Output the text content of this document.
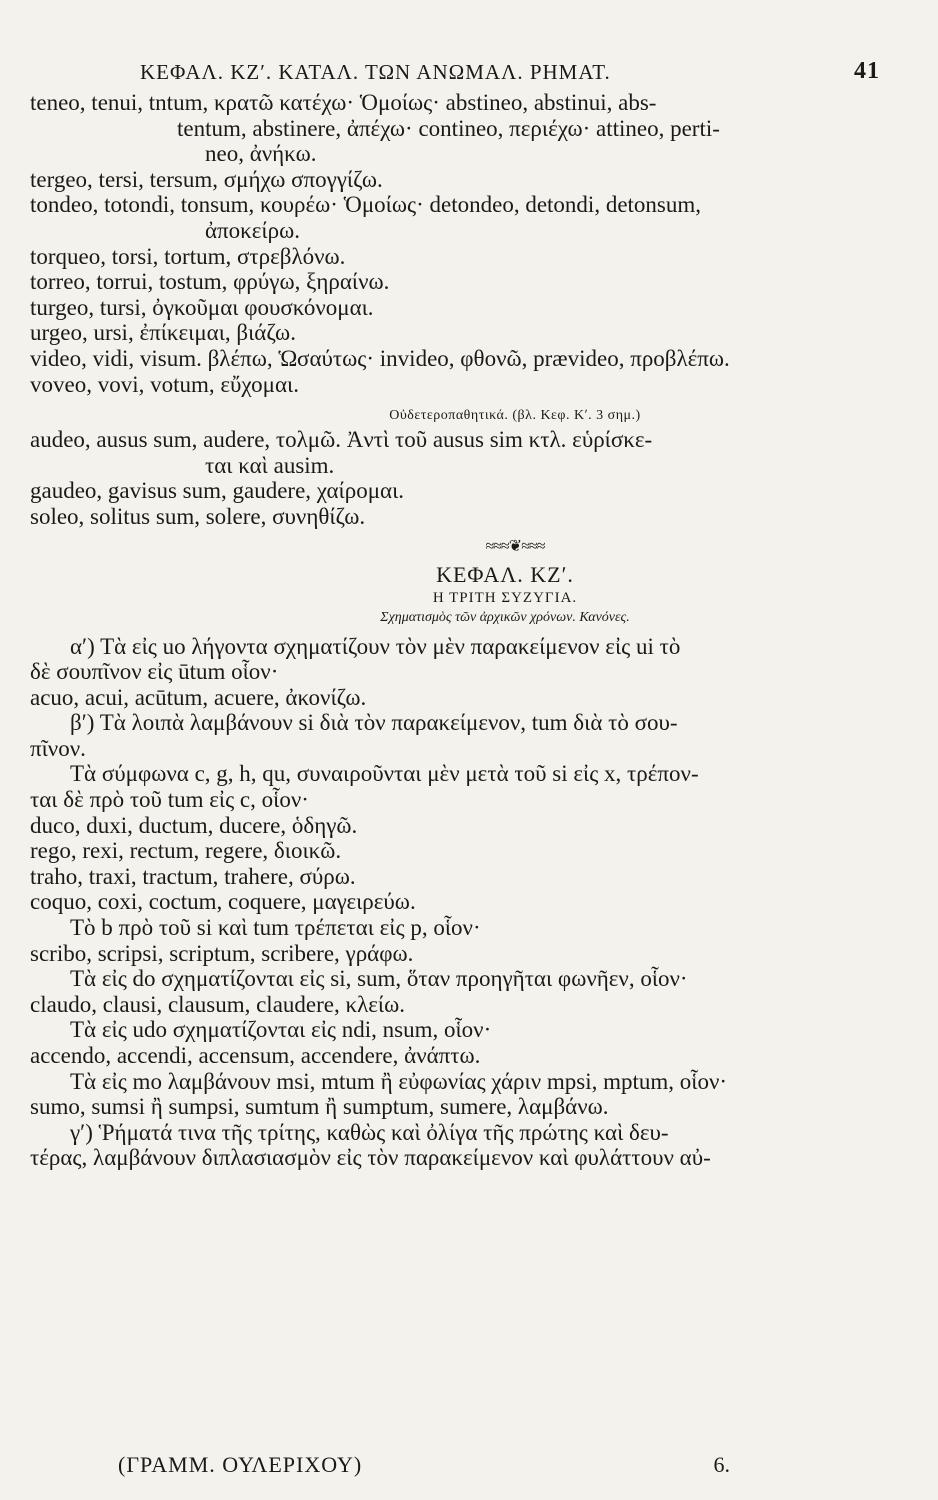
ΚΕΦΑΛ. ΚΖʹ. ΚΑΤΑΛ. ΤΩΝ ΑΝΩΜΑΛ. ΡΗΜΑΤ.	41
teneo, tenui, tntum, κρατῶ κατέχω· Ὁμοίως· abstineo, abstinui, abs-
tentum, abstinere, ἀπέχω· contineo, περιέχω· attineo, perti-
neo, ἀνήκω.
tergeo, tersi, tersum, σμήχω σπογγίζω.
tondeo, totondi, tonsum, κουρέω· Ὁμοίως· detondeo, detondi, detonsum,
ἀποκείρω.
torqueo, torsi, tortum, στρεβλόνω.
torreo, torrui, tostum, φρύγω, ξηραίνω.
turgeo, tursi, ὀγκοῦμαι φουσκόνομαι.
urgeo, ursi, ἐπίκειμαι, βιάζω.
video, vidi, visum. βλέπω, Ὡσαύτως· invideo, φθονῶ, prævideo, προβλέπω.
voveo, vovi, votum, εὔχομαι.
Οὐδετεροπαθητικά. (βλ. Κεφ. Κʹ. 3 σημ.)
audeo, ausus sum, audere, τολμῶ. Ἀντὶ τοῦ ausus sim κτλ. εὑρίσκε-
ται καὶ ausim.
gaudeo, gavisus sum, gaudere, χαίρομαι.
soleo, solitus sum, solere, συνηθίζω.
≈≈≈❦≈≈≈
ΚΕΦΑΛ. ΚΖʹ.
Η ΤΡΙΤΗ ΣΥΖΥΓΙΑ.
Σχηματισμὸς τῶν ἀρχικῶν χρόνων. Κανόνες.
αʹ) Τὰ εἰς uo λήγοντα σχηματίζουν τὸν μὲν παρακείμενον εἰς ui τὸ
δὲ σουπῖνον εἰς ūtum οἷον·
acuo, acui, acūtum, acuere, ἀκονίζω.
βʹ) Τὰ λοιπὰ λαμβάνουν si διὰ τὸν παρακείμενον, tum διὰ τὸ σου-
πῖνον.
Τὰ σύμφωνα c, g, h, qu, συναιροῦνται μὲν μετὰ τοῦ si εἰς x, τρέπον-
ται δὲ πρὸ τοῦ tum εἰς c, οἷον·
duco, duxi, ductum, ducere, ὁδηγῶ.
rego, rexi, rectum, regere, διοικῶ.
traho, traxi, tractum, trahere, σύρω.
coquo, coxi, coctum, coquere, μαγειρεύω.
Τὸ b πρὸ τοῦ si καὶ tum τρέπεται εἰς p, οἷον·
scribo, scripsi, scriptum, scribere, γράφω.
Τὰ εἰς do σχηματίζονται εἰς si, sum, ὅταν προηγῆται φωνῆεν, οἷον·
claudo, clausi, clausum, claudere, κλείω.
Τὰ εἰς udo σχηματίζονται εἰς ndi, nsum, οἷον·
accendo, accendi, accensum, accendere, ἀνάπτω.
Τὰ εἰς mo λαμβάνουν msi, mtum ἢ εὐφωνίας χάριν mpsi, mptum, οἷον·
sumo, sumsi ἢ sumpsi, sumtum ἢ sumptum, sumere, λαμβάνω.
γʹ) Ῥήματά τινα τῆς τρίτης, καθὼς καὶ ὀλίγα τῆς πρώτης καὶ δευ-
τέρας, λαμβάνουν διπλασιασμὸν εἰς τὸν παρακείμενον καὶ φυλάττουν αὐ-
(ΓΡΑΜΜ. ΟΥΛΕΡΙΧΟΥ)	6.
